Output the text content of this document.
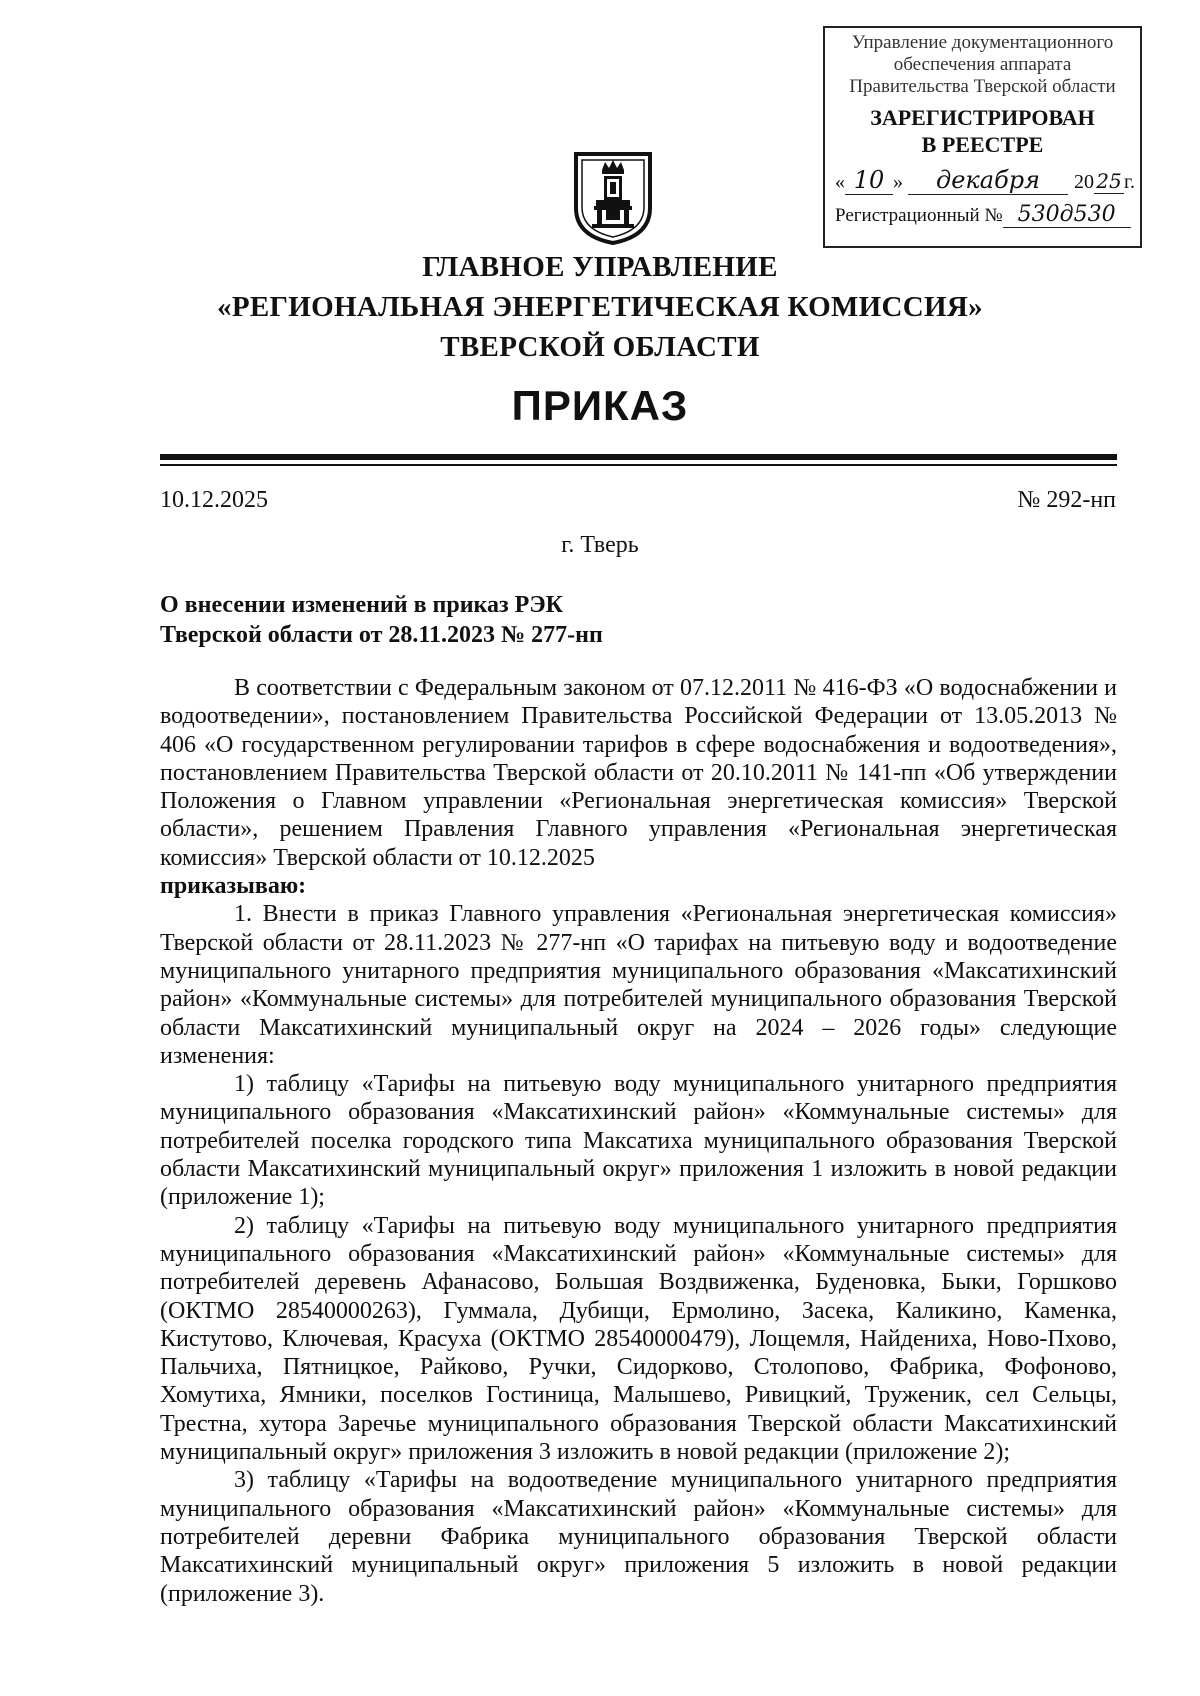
Управление документационного
обеспечения аппарата
Правительства Тверской области
ЗАРЕГИСТРИРОВАН
В РЕЕСТРЕ
« 10 » декабря 20 25 г.
Регистрационный № 530д530
ГЛАВНОЕ УПРАВЛЕНИЕ
«РЕГИОНАЛЬНАЯ ЭНЕРГЕТИЧЕСКАЯ КОМИССИЯ»
ТВЕРСКОЙ ОБЛАСТИ
ПРИКАЗ
10.12.2025	№ 292-нп
г. Тверь
О внесении изменений в приказ РЭК
Тверской области от 28.11.2023 № 277-нп

В соответствии с Федеральным законом от 07.12.2011 № 416-ФЗ «О водоснабжении и водоотведении», постановлением Правительства Российской Федерации от 13.05.2013 № 406 «О государственном регулировании тарифов в сфере водоснабжения и водоотведения», постановлением Правительства Тверской области от 20.10.2011 № 141-пп «Об утверждении Положения о Главном управлении «Региональная энергетическая комиссия» Тверской области», решением Правления Главного управления «Региональная энергетическая комиссия» Тверской области от 10.12.2025

приказываю:

1. Внести в приказ Главного управления «Региональная энергетическая комиссия» Тверской области от 28.11.2023 № 277-нп «О тарифах на питьевую воду и водоотведение муниципального унитарного предприятия муниципального образования «Максатихинский район» «Коммунальные системы» для потребителей муниципального образования Тверской области Максатихинский муниципальный округ на 2024 – 2026 годы» следующие изменения:

1) таблицу «Тарифы на питьевую воду муниципального унитарного предприятия муниципального образования «Максатихинский район» «Коммунальные системы» для потребителей поселка городского типа Максатиха муниципального образования Тверской области Максатихинский муниципальный округ» приложения 1 изложить в новой редакции (приложение 1);

2) таблицу «Тарифы на питьевую воду муниципального унитарного предприятия муниципального образования «Максатихинский район» «Коммунальные системы» для потребителей деревень Афанасово, Большая Воздвиженка, Буденовка, Быки, Горшково (ОКТМО 28540000263), Гуммала, Дубищи, Ермолино, Засека, Каликино, Каменка, Кистутово, Ключевая, Красуха (ОКТМО 28540000479), Лощемля, Найдениха, Ново-Пхово, Пальчиха, Пятницкое, Райково, Ручки, Сидорково, Столопово, Фабрика, Фофоново, Хомутиха, Ямники, поселков Гостиница, Малышево, Ривицкий, Труженик, сел Сельцы, Трестна, хутора Заречье муниципального образования Тверской области Максатихинский муниципальный округ» приложения 3 изложить в новой редакции (приложение 2);

3) таблицу «Тарифы на водоотведение муниципального унитарного предприятия муниципального образования «Максатихинский район» «Коммунальные системы» для потребителей деревни Фабрика муниципального образования Тверской области Максатихинский муниципальный округ» приложения 5 изложить в новой редакции (приложение 3).
